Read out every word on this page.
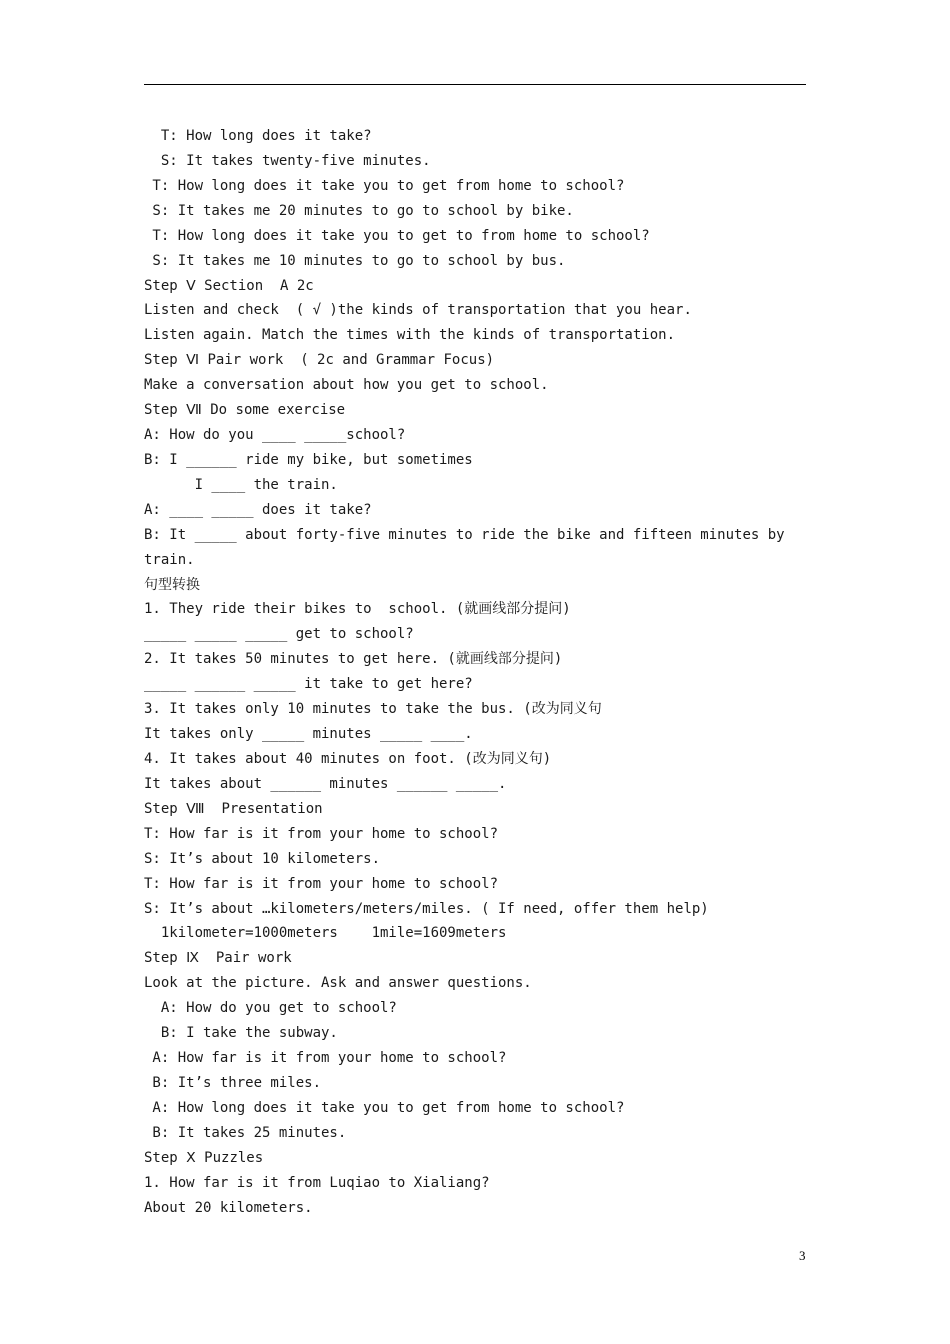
T: How long does it take?
S: It takes twenty-five minutes.
T: How long does it take you to get from home to school?
S: It takes me 20 minutes to go to school by bike.
T: How long does it take you to get to from home to school?
S: It takes me 10 minutes to go to school by bus.
Step Ⅴ Section  A 2c
Listen and check  ( √ )the kinds of transportation that you hear.
Listen again. Match the times with the kinds of transportation.
Step Ⅵ Pair work  ( 2c and Grammar Focus)
Make a conversation about how you get to school.
Step Ⅶ Do some exercise
A: How do you ____ _____school?
B: I ______ ride my bike, but sometimes
I ____ the train.
A: ____ _____ does it take?
B: It _____ about forty-five minutes to ride the bike and fifteen minutes by
train.
句型转换
1. They ride their bikes to  school. (就画线部分提问)
_____ _____ _____ get to school?
2. It takes 50 minutes to get here. (就画线部分提问)
_____ ______ _____ it take to get here?
3. It takes only 10 minutes to take the bus. (改为同义句
It takes only _____ minutes _____ ____.
4. It takes about 40 minutes on foot. (改为同义句)
It takes about ______ minutes ______ _____.
Step Ⅷ  Presentation
T: How far is it from your home to school?
S: It’s about 10 kilometers.
T: How far is it from your home to school?
S: It’s about …kilometers/meters/miles. ( If need, offer them help)
1kilometer=1000meters    1mile=1609meters
Step Ⅸ  Pair work
Look at the picture. Ask and answer questions.
A: How do you get to school?
B: I take the subway.
A: How far is it from your home to school?
B: It’s three miles.
A: How long does it take you to get from home to school?
B: It takes 25 minutes.
Step Ⅹ Puzzles
1. How far is it from Luqiao to Xialiang?
About 20 kilometers.
3
